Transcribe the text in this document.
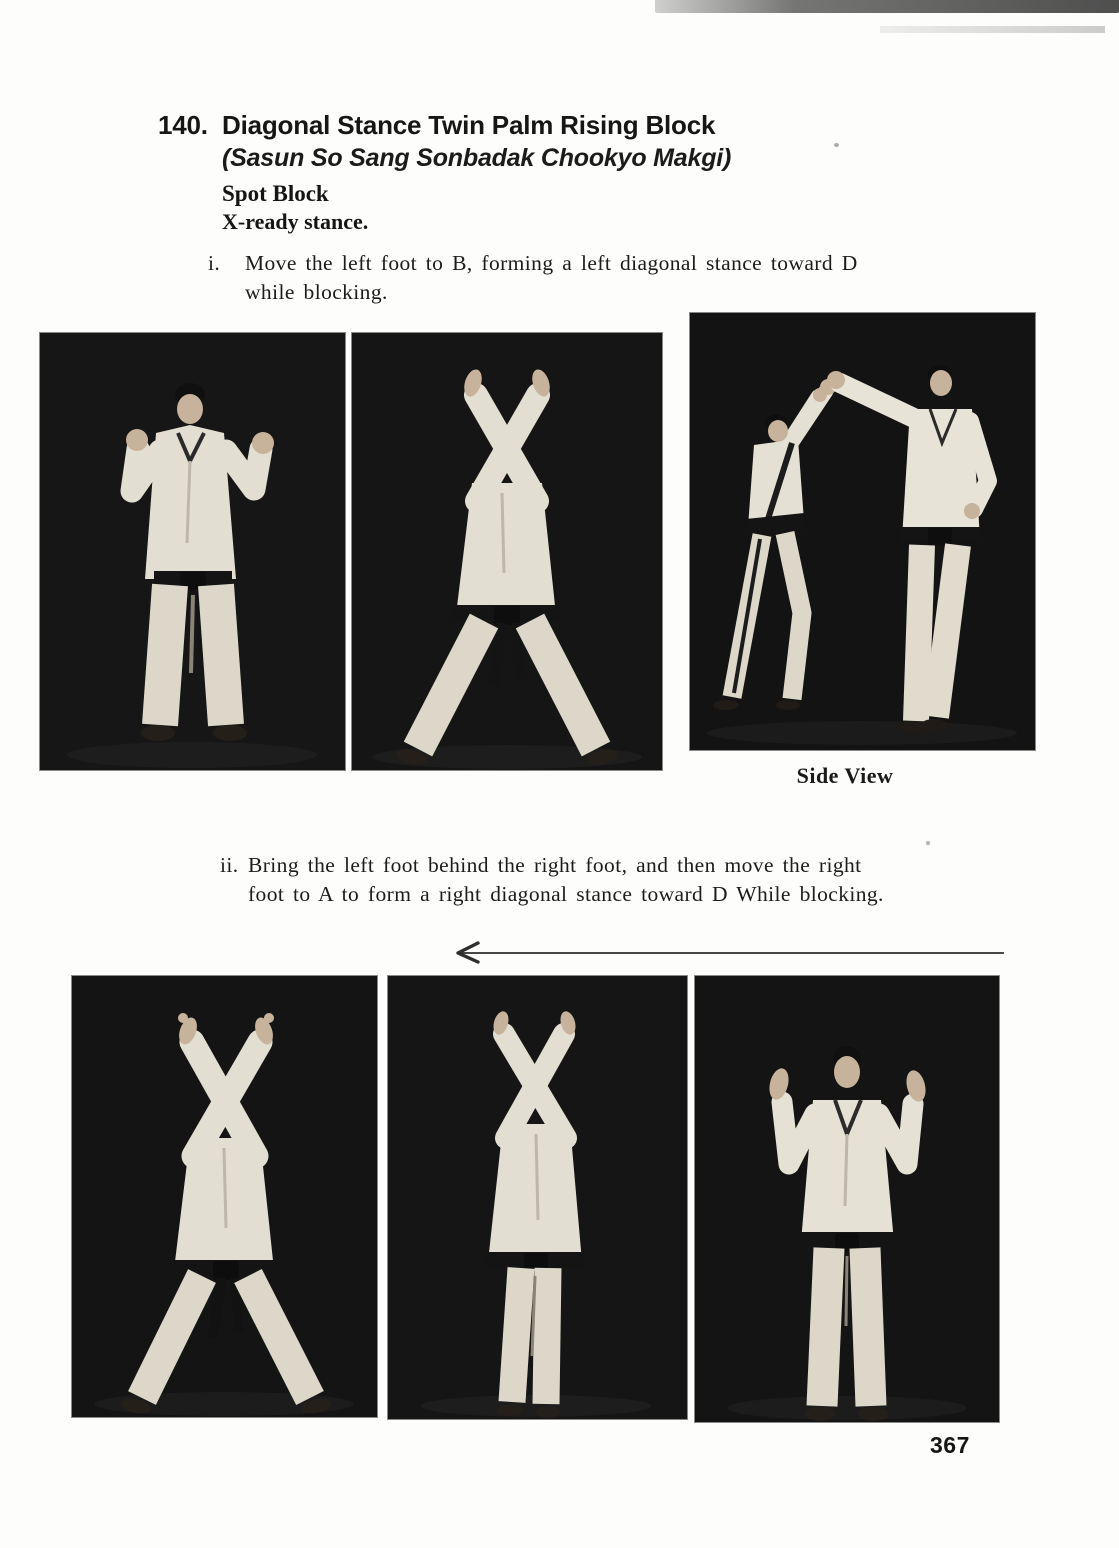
140. Diagonal Stance Twin Palm Rising Block
(Sasun So Sang Sonbadak Chookyo Makgi)
Spot Block
X-ready stance.
i.	Move the left foot to B, forming a left diagonal stance toward D
while blocking.
Side View
ii. Bring the left foot behind the right foot, and then move the right
foot to A to form a right diagonal stance toward D While blocking.
367
